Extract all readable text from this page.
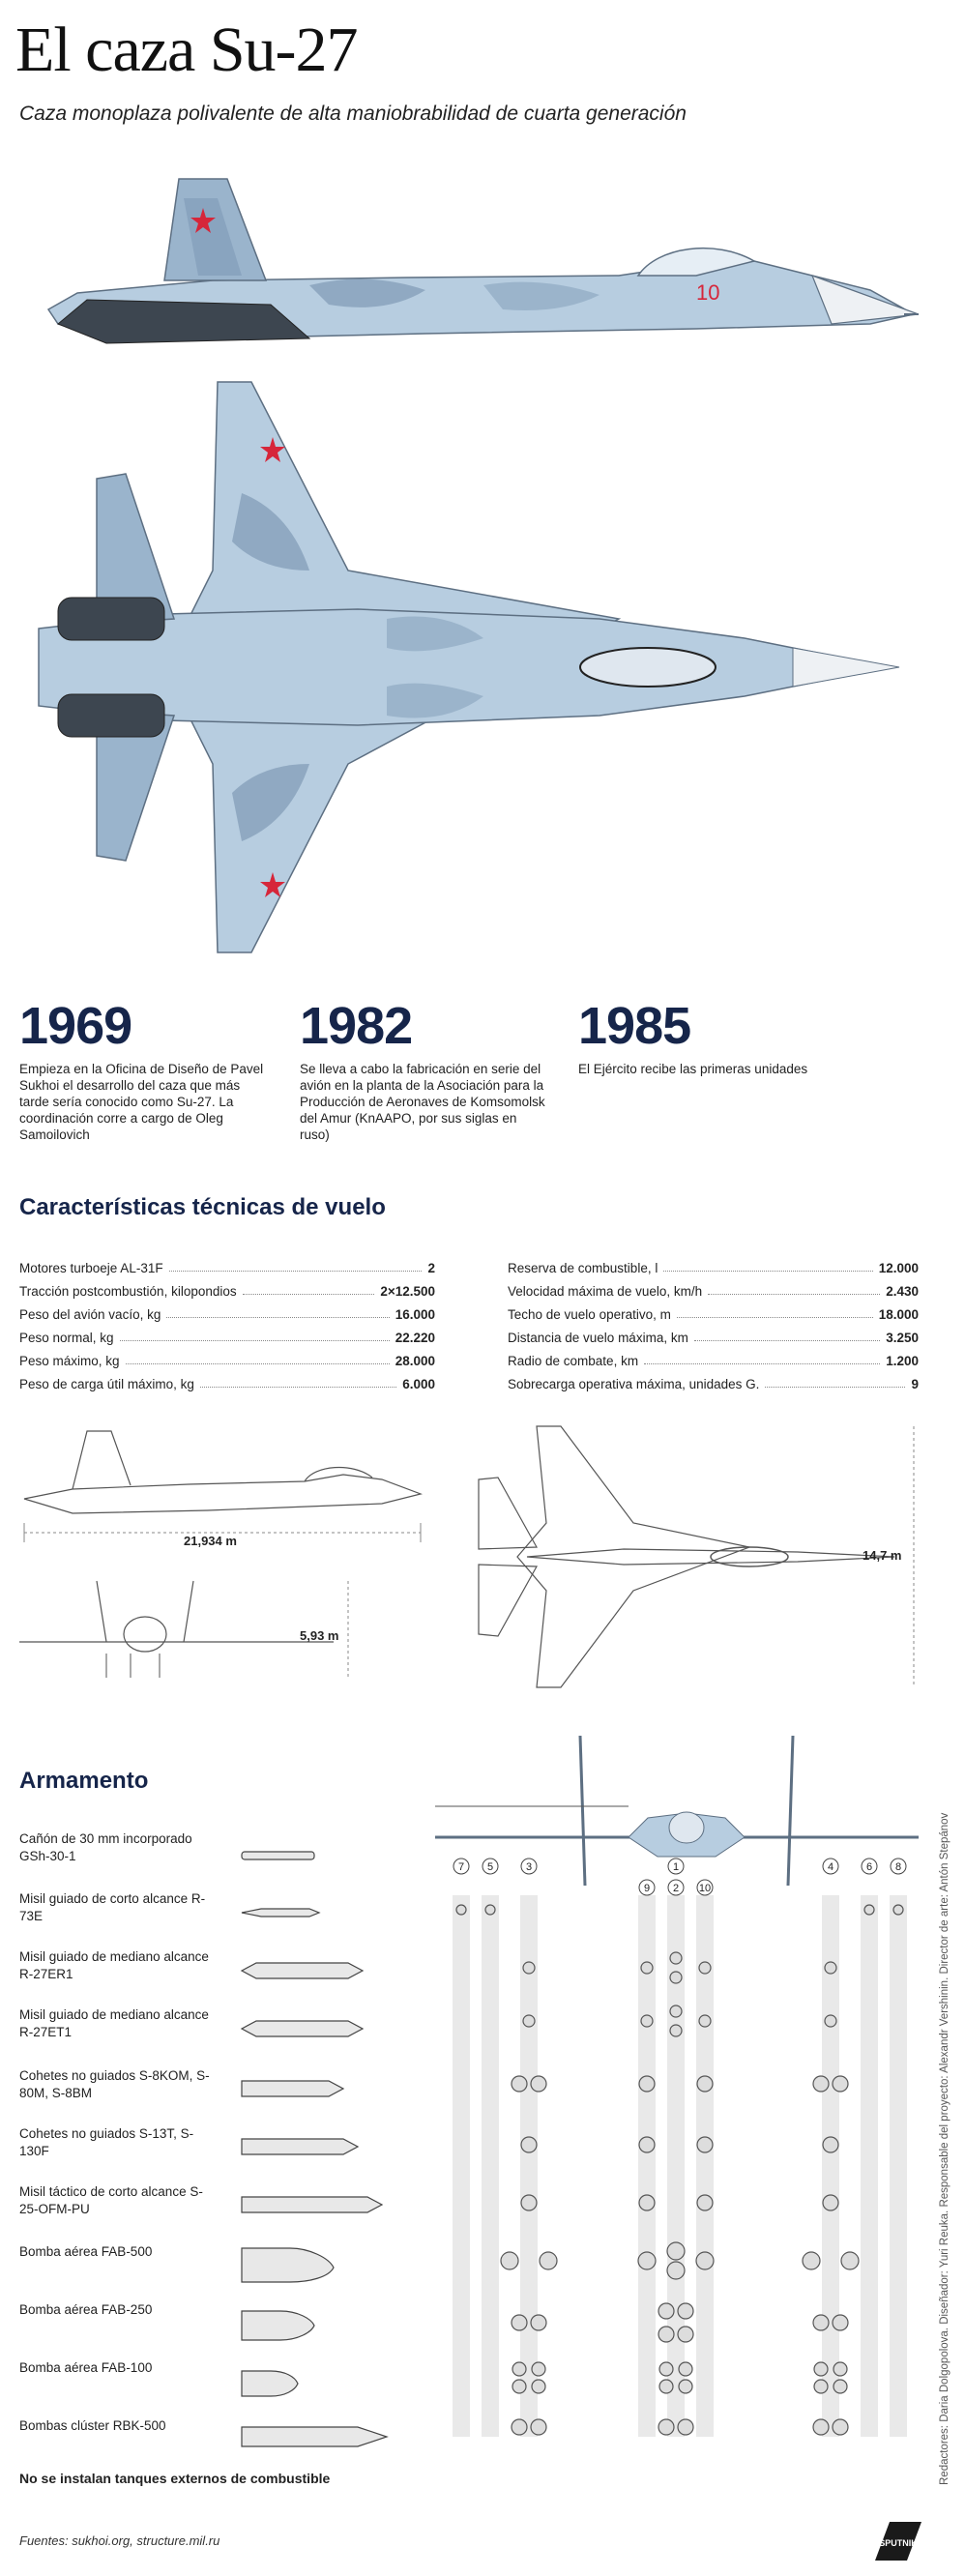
El caza Su-27
Caza monoplaza polivalente de alta maniobrabilidad de cuarta generación
10
1969
Empieza en la Oficina de Diseño de Pavel Sukhoi el desarrollo del caza que más tarde sería conocido como Su-27. La coordinación corre a cargo de Oleg Samoilovich
1982
Se lleva a cabo la fabricación en serie del avión en la planta de la Asociación para la Producción de Aeronaves de Komsomolsk del Amur (KnAAPO, por sus siglas en ruso)
1985
El Ejército recibe las primeras unidades
Características técnicas de vuelo
Motores turboeje AL-31F	2
Tracción postcombustión, kilopondios	2×12.500
Peso del avión vacío, kg	16.000
Peso normal, kg	22.220
Peso máximo, kg	28.000
Peso de carga útil máximo, kg	6.000
Reserva de combustible, l	12.000
Velocidad máxima de vuelo, km/h	2.430
Techo de vuelo operativo, m	18.000
Distancia de vuelo máxima, km	3.250
Radio de combate, km	1.200
Sobrecarga operativa máxima, unidades G.	9
21,934 m
5,93 m
14,7 m
Armamento
7 5	3
9
1
2 10
4	6 8
Cañón de 30 mm incorporado GSh-30-1
Misil guiado de corto alcance R-73E
Misil guiado de mediano alcance R-27ER1
Misil guiado de mediano alcance R-27ET1
Cohetes no guiados S-8KOM, S-80M, S-8BM
Cohetes no guiados S-13T, S-130F
Misil táctico de corto alcance S-25-OFM-PU
Bomba aérea FAB-500
Bomba aérea FAB-250
Bomba aérea FAB-100
Bombas clúster RBK-500
No se instalan tanques externos de combustible
Fuentes: sukhoi.org, structure.mil.ru
Redactores: Daria Dolgopolova. Diseñador: Yuri Reuka. Responsable del proyecto: Alexandr Vershinin. Director de arte: Antón Stepánov
SPUTNIK
